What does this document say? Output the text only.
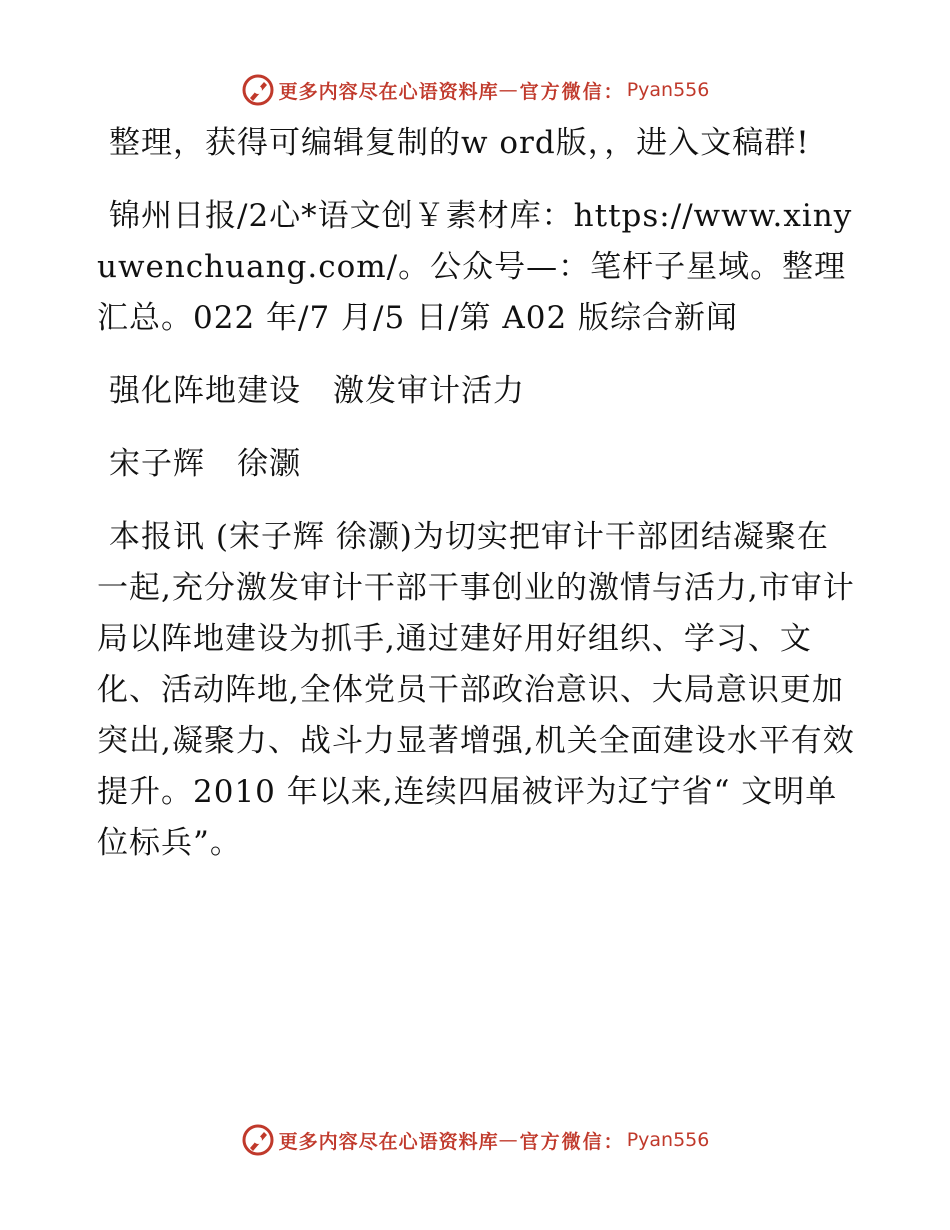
更多内容尽在心语资料库 — 官方微信： Pyan556

整理，获得可编辑复制的w ord版，，进入文稿群!

锦州日报/2心*语文创￥素材库：https://www.xinyuwenchuang.com/。公众号—：笔杆子星域。整理汇总。022 年/7 月/5 日/第 A02 版综合新闻

强化阵地建设　激发审计活力

宋子辉　徐灏

本报讯 (宋子辉 徐灏)为切实把审计干部团结凝聚在一起,充分激发审计干部干事创业的激情与活力,市审计局以阵地建设为抓手,通过建好用好组织、学习、文化、活动阵地,全体党员干部政治意识、大局意识更加突出,凝聚力、战斗力显著增强,机关全面建设水平有效提升。2010 年以来,连续四届被评为辽宁省“ 文明单位标兵”。

更多内容尽在心语资料库 — 官方微信： Pyan556
